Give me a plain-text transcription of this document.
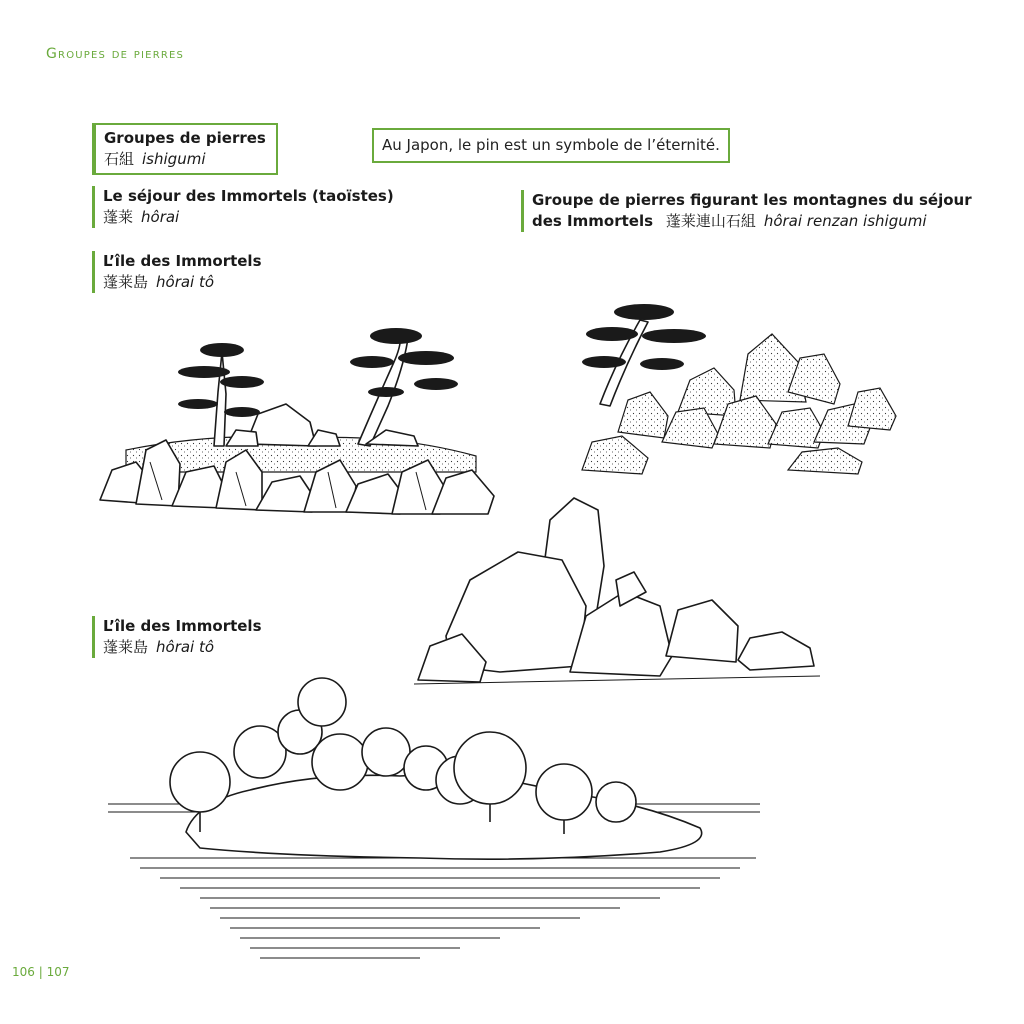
Groupes de pierres
Groupes de pierres
石組 ishigumi
Au Japon, le pin est un symbole de l’éternité.
Le séjour des Immortels (taoïstes)
蓬莱 hôrai
L’île des Immortels
蓬莱島 hôrai tô
Groupe de pierres figurant les montagnes du séjour
des Immortels 蓬莱連山石組 hôrai renzan ishigumi
L’île des Immortels
蓬莱島 hôrai tô
106 | 107
